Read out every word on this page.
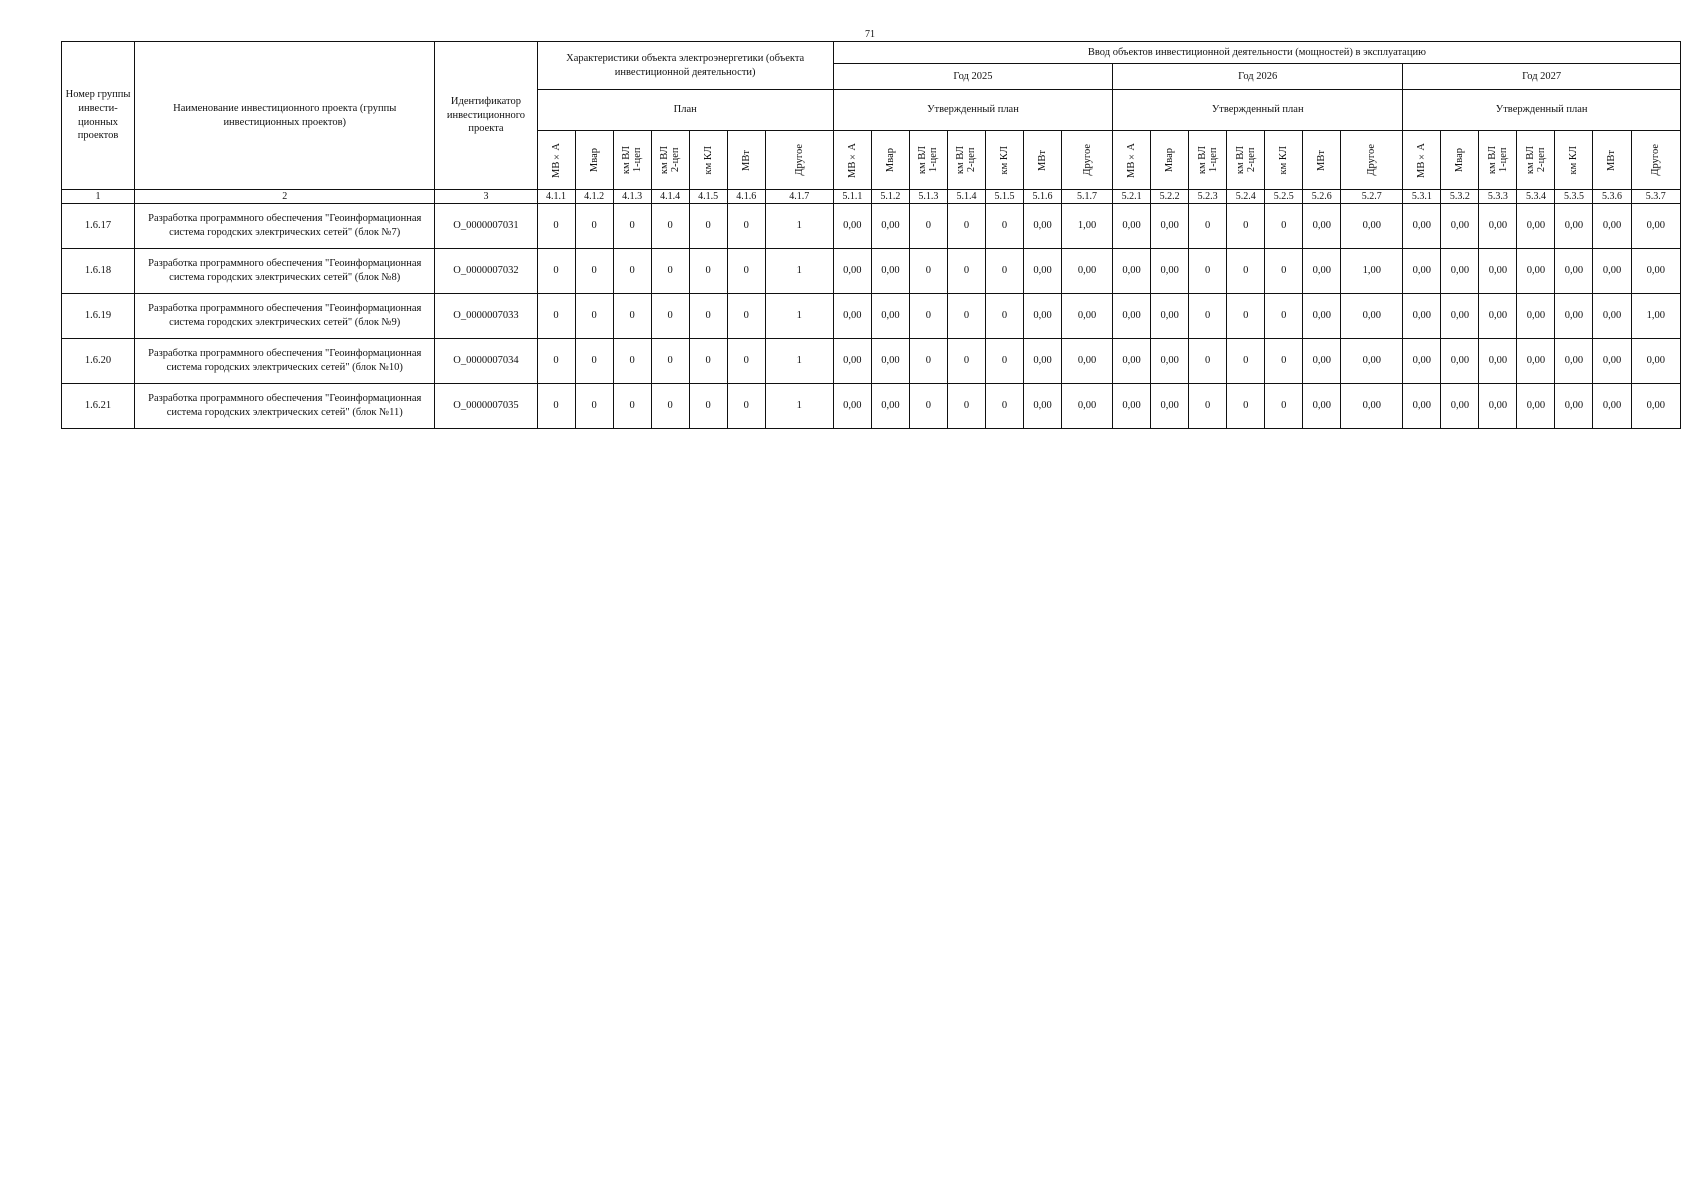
71
Номер группы инвести-ционных проектов	Наименование инвестиционного проекта (группы инвестиционных проектов)	Идентификатор инвестиционного проекта	Характеристики объекта электроэнергетики (объекта инвестиционной деятельности)							Ввод объектов инвестиционной деятельности (мощностей) в эксплуатацию																				
										Год 2025							Год 2026							Год 2027						
			План							Утвержденный план							Утвержденный план							Утвержденный план						

			МВ×А	Мвар	км ВЛ 1-цеп	км ВЛ 2-цеп	км КЛ	МВт	Другое	МВ×А	Мвар	км ВЛ 1-цеп	км ВЛ 2-цеп	км КЛ	МВт	Другое	МВ×А	Мвар	км ВЛ 1-цеп	км ВЛ 2-цеп	км КЛ	МВт	Другое	МВ×А	Мвар	км ВЛ 1-цеп	км ВЛ 2-цеп	км КЛ	МВт	Другое

1	2	3	4.1.1	4.1.2	4.1.3	4.1.4	4.1.5	4.1.6	4.1.7	5.1.1	5.1.2	5.1.3	5.1.4	5.1.5	5.1.6	5.1.7	5.2.1	5.2.2	5.2.3	5.2.4	5.2.5	5.2.6	5.2.7	5.3.1	5.3.2	5.3.3	5.3.4	5.3.5	5.3.6	5.3.7
1.6.17	Разработка программного обеспечения "Геоинформационная система городских электрических сетей" (блок №7)	О_0000007031	0	0	0	0	0	0	1	0,00	0,00	0	0	0	0,00	1,00	0,00	0,00	0	0	0	0,00	0,00	0,00	0,00	0,00	0,00	0,00	0,00	0,00
1.6.18	Разработка программного обеспечения "Геоинформационная система городских электрических сетей" (блок №8)	О_0000007032	0	0	0	0	0	0	1	0,00	0,00	0	0	0	0,00	0,00	0,00	0,00	0	0	0	0,00	1,00	0,00	0,00	0,00	0,00	0,00	0,00	0,00
1.6.19	Разработка программного обеспечения "Геоинформационная система городских электрических сетей" (блок №9)	О_0000007033	0	0	0	0	0	0	1	0,00	0,00	0	0	0	0,00	0,00	0,00	0,00	0	0	0	0,00	0,00	0,00	0,00	0,00	0,00	0,00	0,00	1,00
1.6.20	Разработка программного обеспечения "Геоинформационная система городских электрических сетей" (блок №10)	О_0000007034	0	0	0	0	0	0	1	0,00	0,00	0	0	0	0,00	0,00	0,00	0,00	0	0	0	0,00	0,00	0,00	0,00	0,00	0,00	0,00	0,00	0,00
1.6.21	Разработка программного обеспечения "Геоинформационная система городских электрических сетей" (блок №11)	О_0000007035	0	0	0	0	0	0	1	0,00	0,00	0	0	0	0,00	0,00	0,00	0,00	0	0	0	0,00	0,00	0,00	0,00	0,00	0,00	0,00	0,00	0,00
